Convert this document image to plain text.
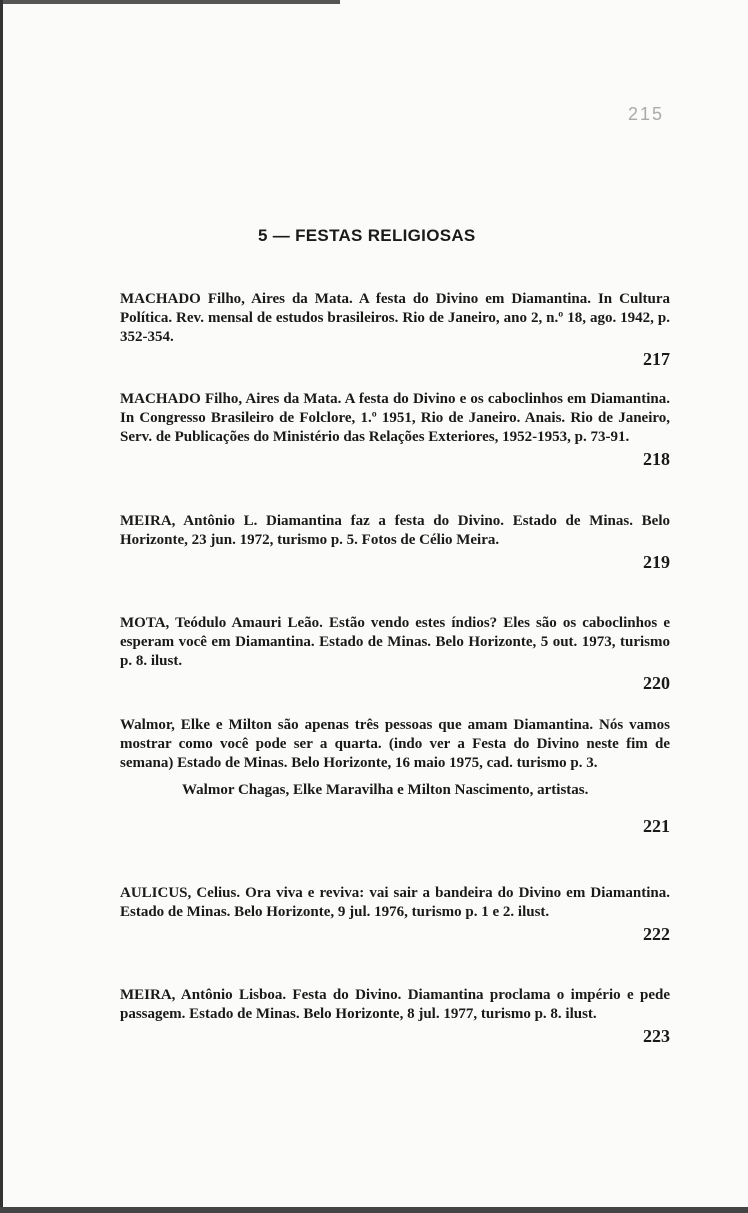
215
5 — FESTAS RELIGIOSAS

MACHADO Filho, Aires da Mata. A festa do Divino em Diamantina. In Cultura Política. Rev. mensal de estudos brasileiros. Rio de Janeiro, ano 2, n.º 18, ago. 1942, p. 352-354.

217

MACHADO Filho, Aires da Mata. A festa do Divino e os caboclinhos em Diamantina. In Congresso Brasileiro de Folclore, 1.º 1951, Rio de Janeiro. Anais. Rio de Janeiro, Serv. de Publicações do Ministério das Relações Exteriores, 1952-1953, p. 73-91.

218

MEIRA, Antônio L. Diamantina faz a festa do Divino. Estado de Minas. Belo Horizonte, 23 jun. 1972, turismo p. 5. Fotos de Célio Meira.

219

MOTA, Teódulo Amauri Leão. Estão vendo estes índios? Eles são os caboclinhos e esperam você em Diamantina. Estado de Minas. Belo Horizonte, 5 out. 1973, turismo p. 8. ilust.

220

Walmor, Elke e Milton são apenas três pessoas que amam Diamantina. Nós vamos mostrar como você pode ser a quarta. (indo ver a Festa do Divino neste fim de semana) Estado de Minas. Belo Horizonte, 16 maio 1975, cad. turismo p. 3.

Walmor Chagas, Elke Maravilha e Milton Nascimento, artistas.

221

AULICUS, Celius. Ora viva e reviva: vai sair a bandeira do Divino em Diamantina. Estado de Minas. Belo Horizonte, 9 jul. 1976, turismo p. 1 e 2. ilust.

222

MEIRA, Antônio Lisboa. Festa do Divino. Diamantina proclama o império e pede passagem. Estado de Minas. Belo Horizonte, 8 jul. 1977, turismo p. 8. ilust.

223
